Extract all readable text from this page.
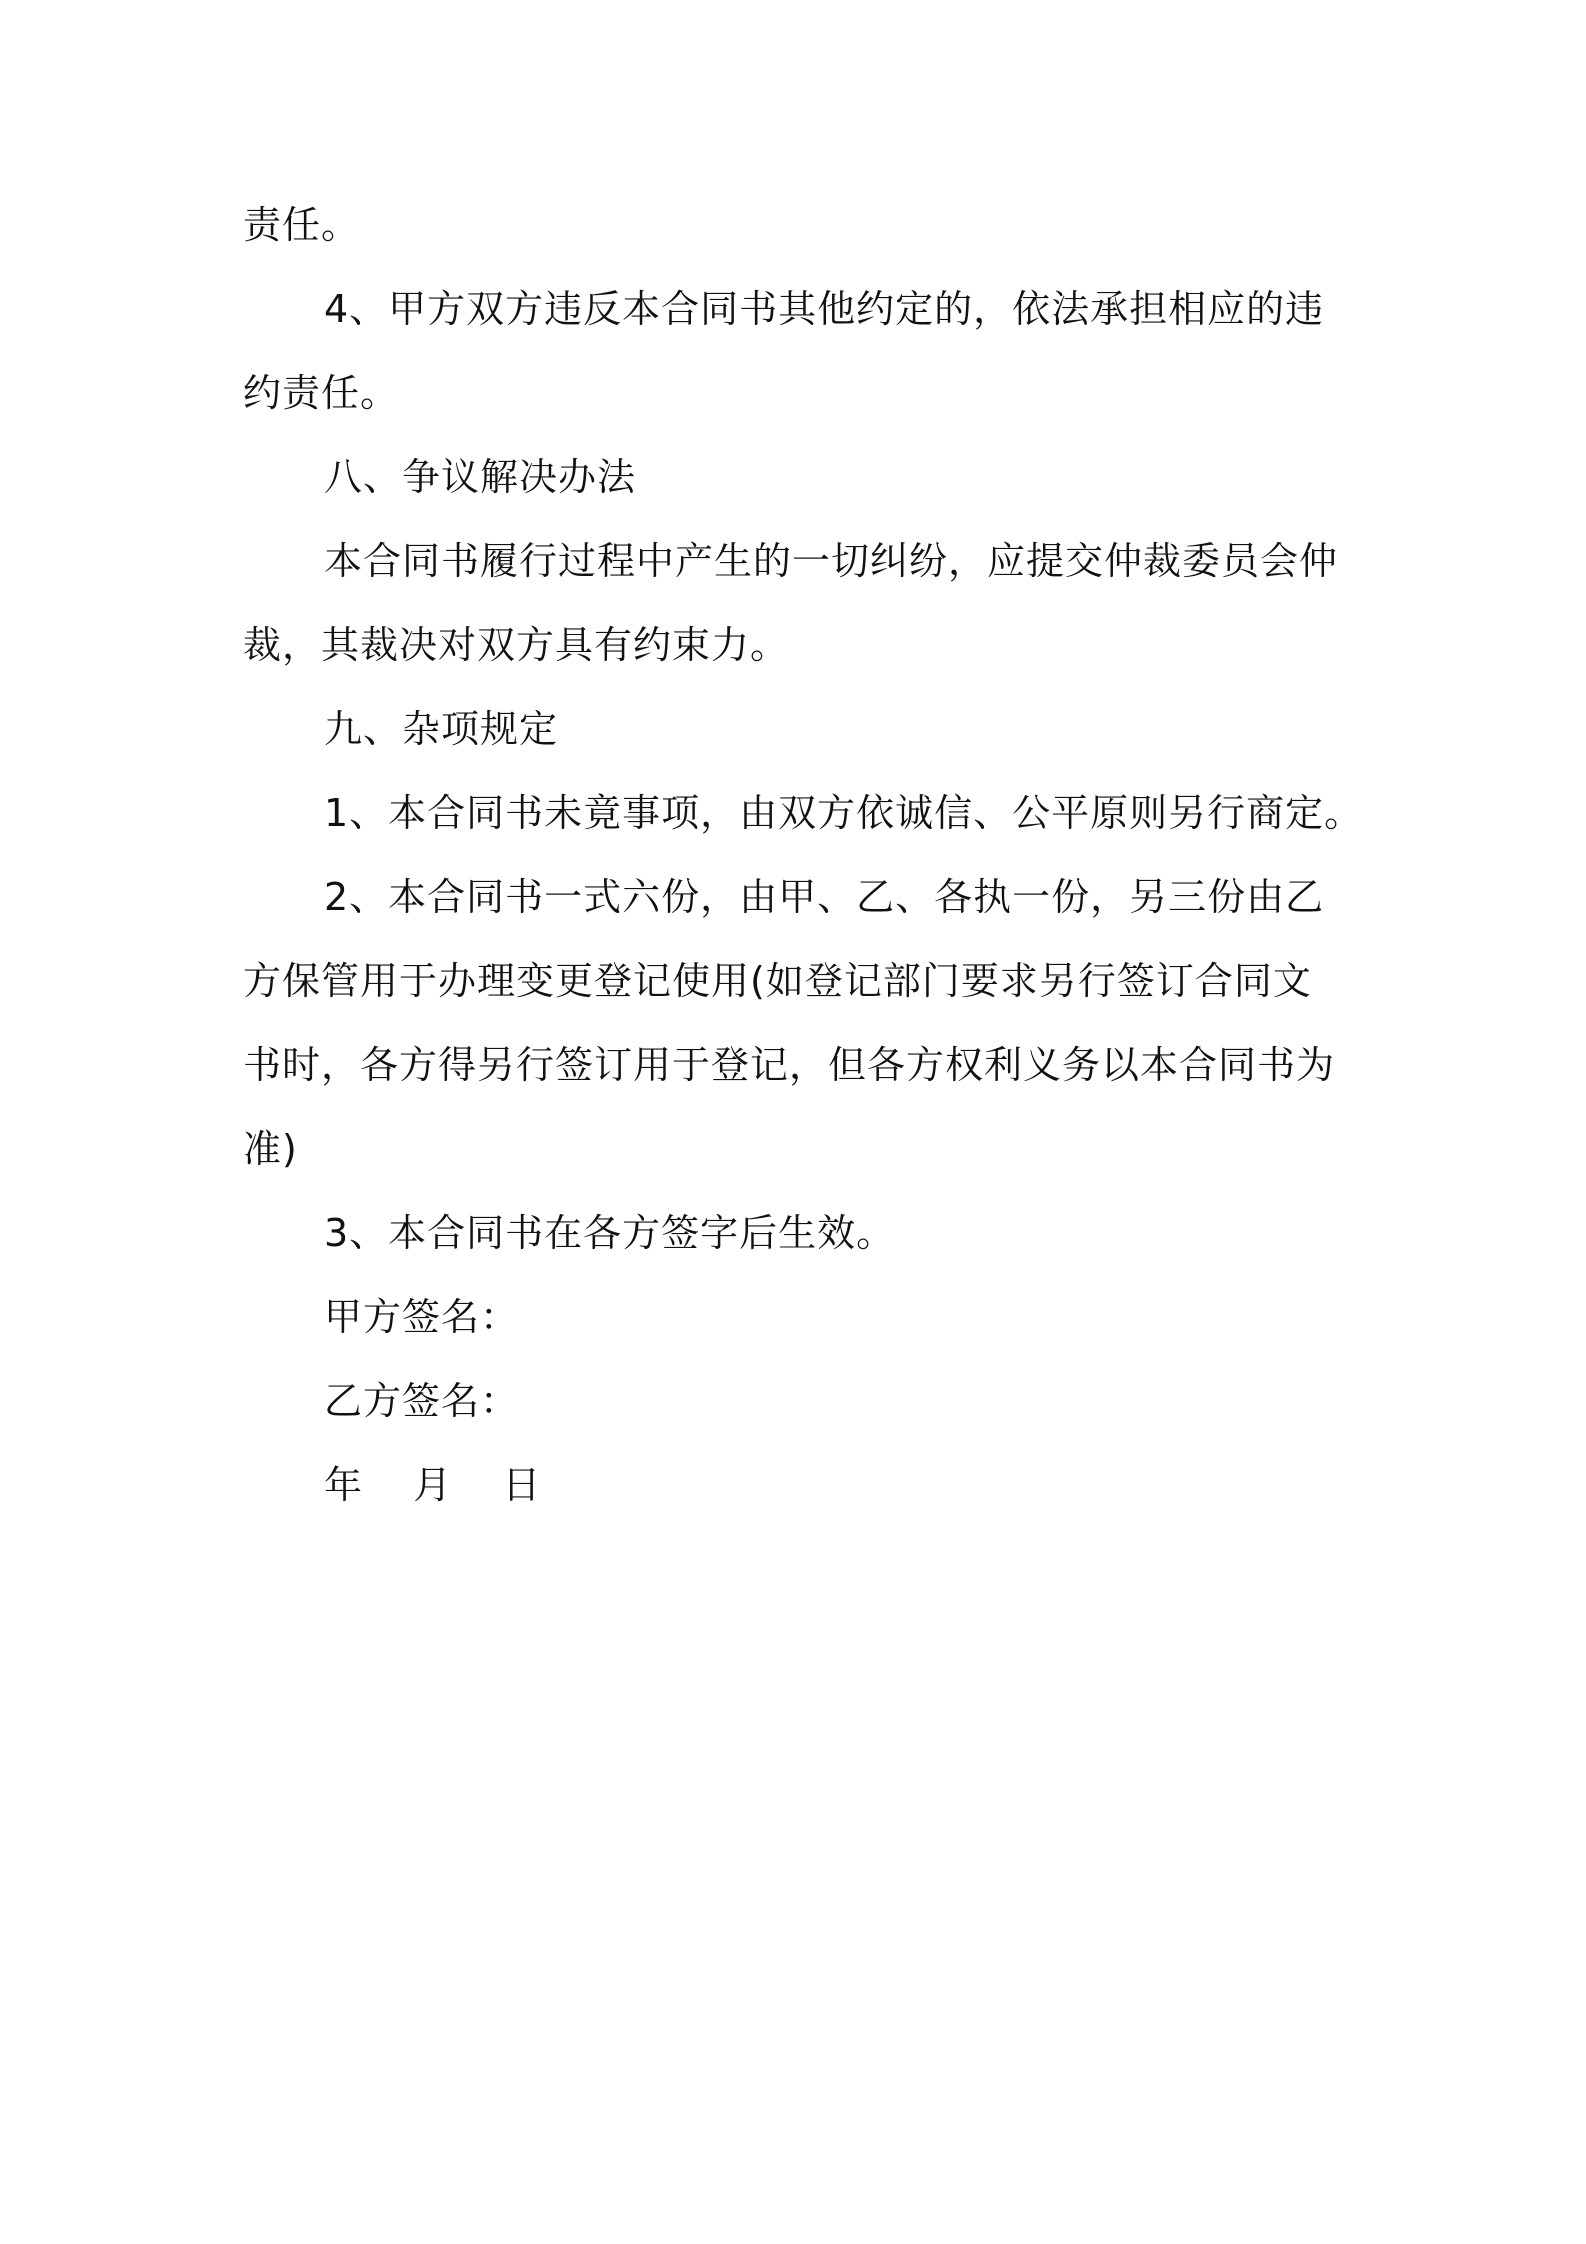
责任。
4、甲方双方违反本合同书其他约定的，依法承担相应的违
约责任。
八、争议解决办法
本合同书履行过程中产生的一切纠纷，应提交仲裁委员会仲
裁，其裁决对双方具有约束力。
九、杂项规定
1、本合同书未竟事项，由双方依诚信、公平原则另行商定。
2、本合同书一式六份，由甲、乙、各执一份，另三份由乙
方保管用于办理变更登记使用(如登记部门要求另行签订合同文
书时，各方得另行签订用于登记，但各方权利义务以本合同书为
准)
3、本合同书在各方签字后生效。
甲方签名：
乙方签名：
年 月 日
